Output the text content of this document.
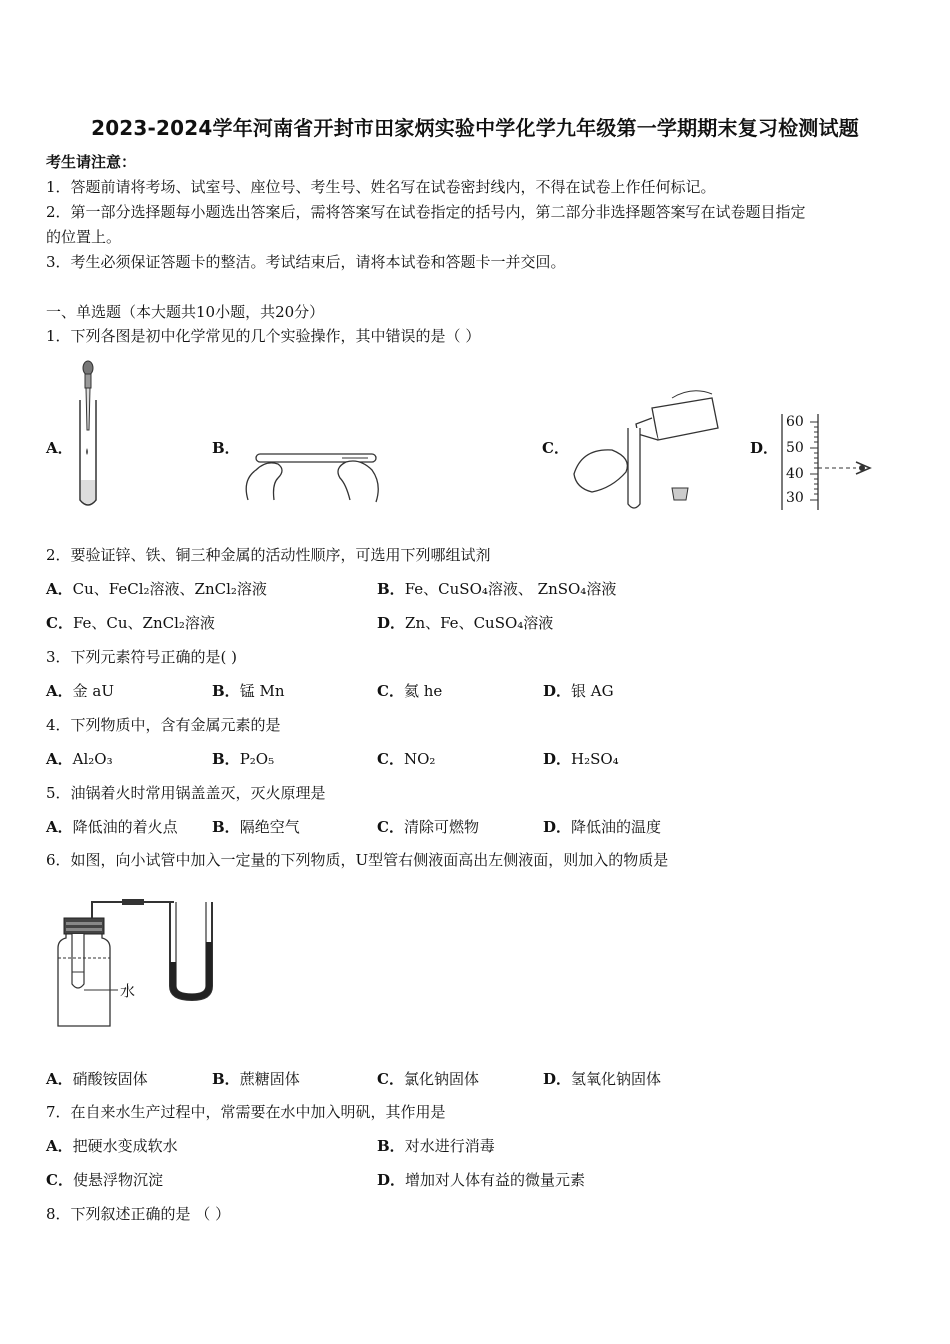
2023-2024学年河南省开封市田家炳实验中学化学九年级第一学期期末复习检测试题
考生请注意：
1．答题前请将考场、试室号、座位号、考生号、姓名写在试卷密封线内，不得在试卷上作任何标记。
2．第一部分选择题每小题选出答案后，需将答案写在试卷指定的括号内，第二部分非选择题答案写在试卷题目指定
的位置上。
3．考生必须保证答题卡的整洁。考试结束后，请将本试卷和答题卡一并交回。
一、单选题（本大题共10小题，共20分）
1．下列各图是初中化学常见的几个实验操作，其中错误的是（ ）
A．	B．	C．	D．
60
50
40
30
2．要验证锌、铁、铜三种金属的活动性顺序，可选用下列哪组试剂
A．Cu、FeCl₂溶液、ZnCl₂溶液	B．Fe、CuSO₄溶液、 ZnSO₄溶液
C．Fe、Cu、ZnCl₂溶液	D．Zn、Fe、CuSO₄溶液
3．下列元素符号正确的是( )
A．金 aU	B．锰 Mn	C．氦 he	D．银 AG
4．下列物质中，含有金属元素的是
A．Al₂O₃	B．P₂O₅	C．NO₂	D．H₂SO₄
5．油锅着火时常用锅盖盖灭，灭火原理是
A．降低油的着火点 B．隔绝空气	C．清除可燃物	D．降低油的温度
6．如图，向小试管中加入一定量的下列物质，U型管右侧液面高出左侧液面，则加入的物质是
水
A．硝酸铵固体	B．蔗糖固体	C．氯化钠固体	D．氢氧化钠固体
7．在自来水生产过程中，常需要在水中加入明矾，其作用是
A．把硬水变成软水	B．对水进行消毒
C．使悬浮物沉淀	D．增加对人体有益的微量元素
8．下列叙述正确的是 （ ）
